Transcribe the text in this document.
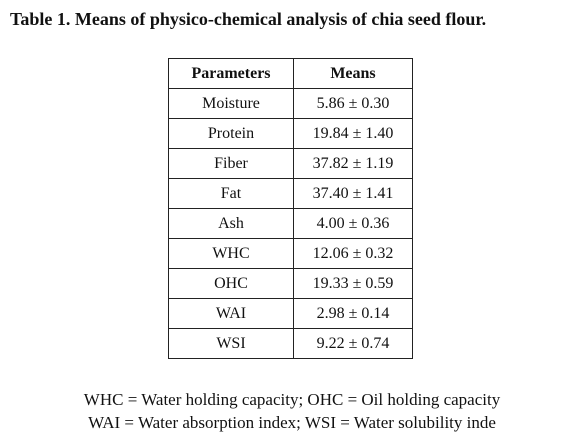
Table 1. Means of physico-chemical analysis of chia seed flour.
Parameters	Means
Moisture	5.86 ± 0.30
Protein	19.84 ± 1.40
Fiber	37.82 ± 1.19
Fat	37.40 ± 1.41
Ash	4.00 ± 0.36
WHC	12.06 ± 0.32
OHC	19.33 ± 0.59
WAI	2.98 ± 0.14
WSI	9.22 ± 0.74
WHC = Water holding capacity; OHC = Oil holding capacity
WAI = Water absorption index; WSI = Water solubility inde
